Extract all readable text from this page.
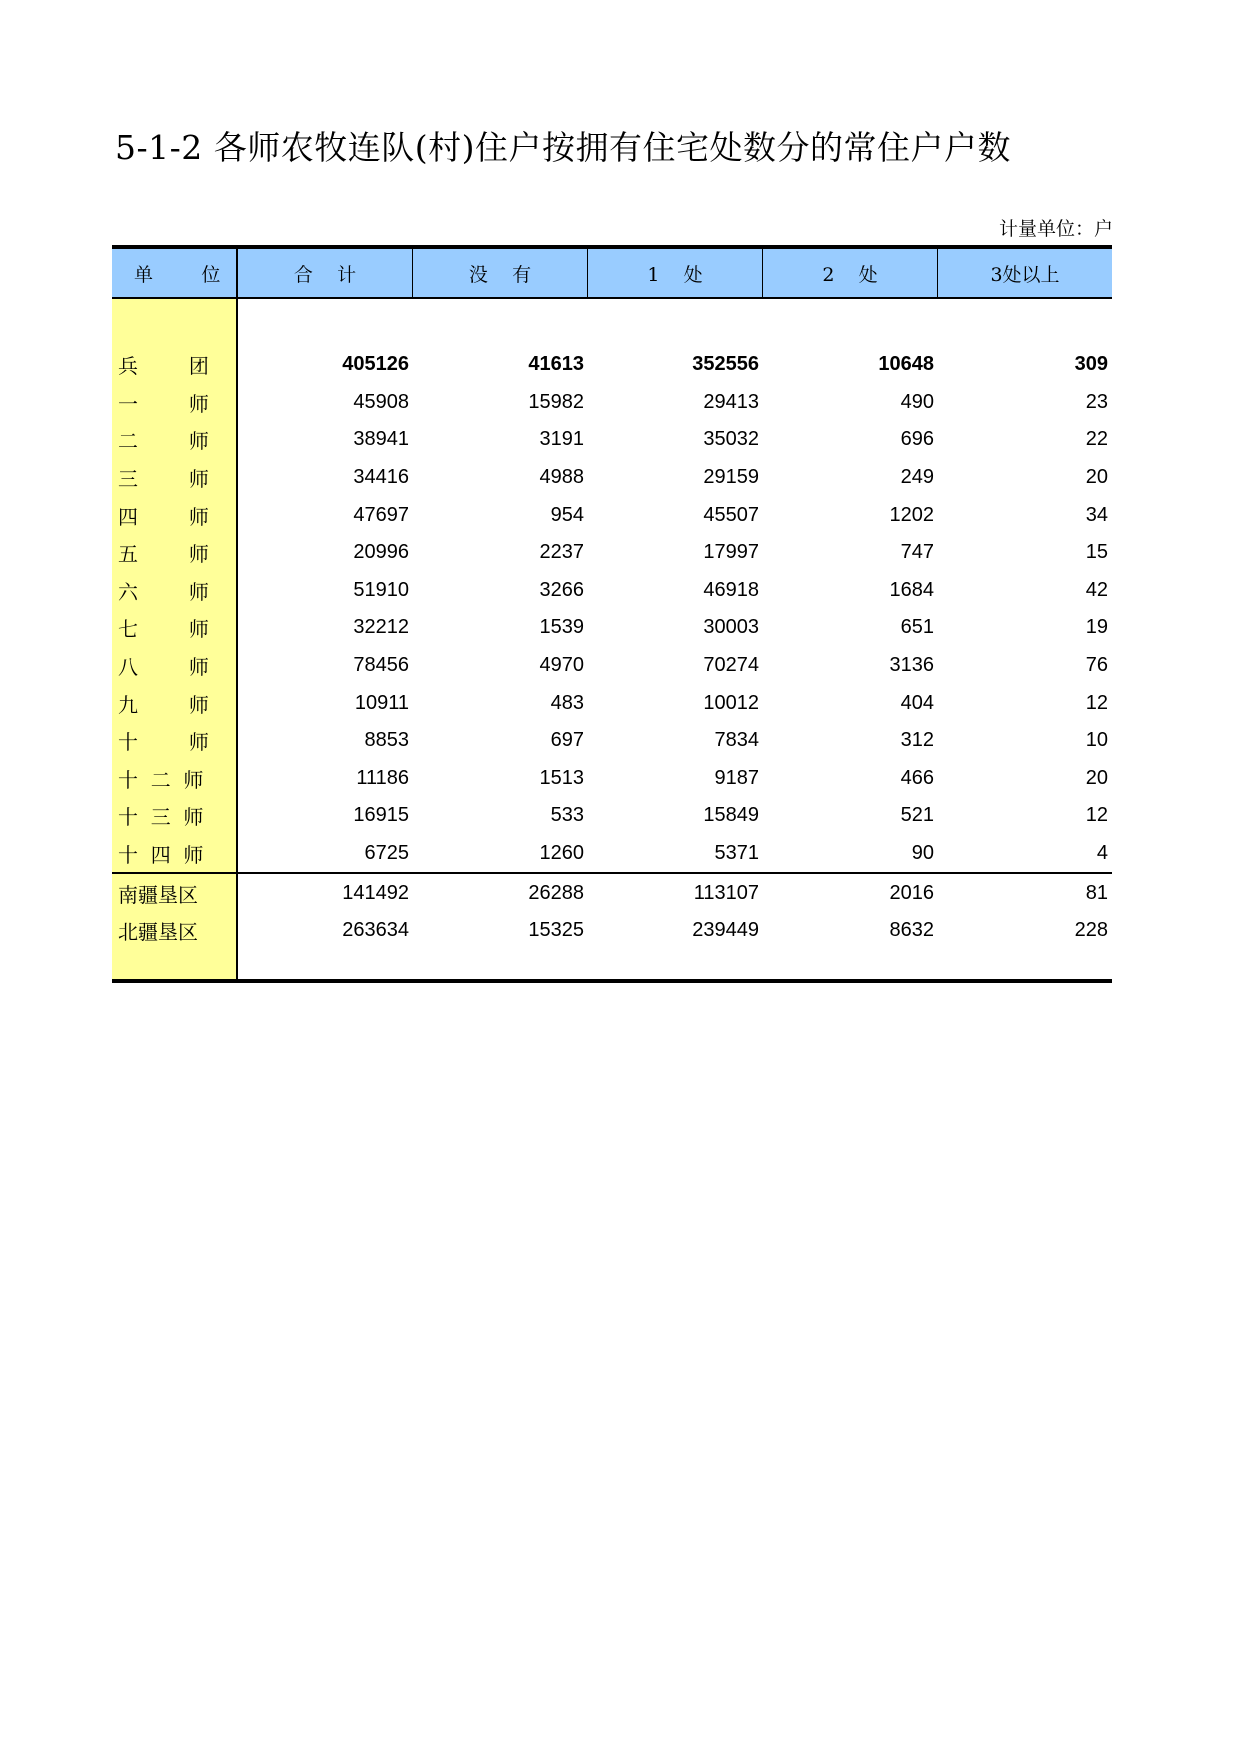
5-1-2 各师农牧连队(村)住户按拥有住宅处数分的常住户户数
计量单位：户
单        位	合    计	没    有	1    处	2    处	3处以上
兵        团	405126	41613	352556	10648	309
一        师	45908	15982	29413	490	23
二        师	38941	3191	35032	696	22
三        师	34416	4988	29159	249	20
四        师	47697	954	45507	1202	34
五        师	20996	2237	17997	747	15
六        师	51910	3266	46918	1684	42
七        师	32212	1539	30003	651	19
八        师	78456	4970	70274	3136	76
九        师	10911	483	10012	404	12
十        师	8853	697	7834	312	10
十  二  师	11186	1513	9187	466	20
十  三  师	16915	533	15849	521	12
十  四  师	6725	1260	5371	90	4
南疆垦区	141492	26288	113107	2016	81
北疆垦区	263634	15325	239449	8632	228
